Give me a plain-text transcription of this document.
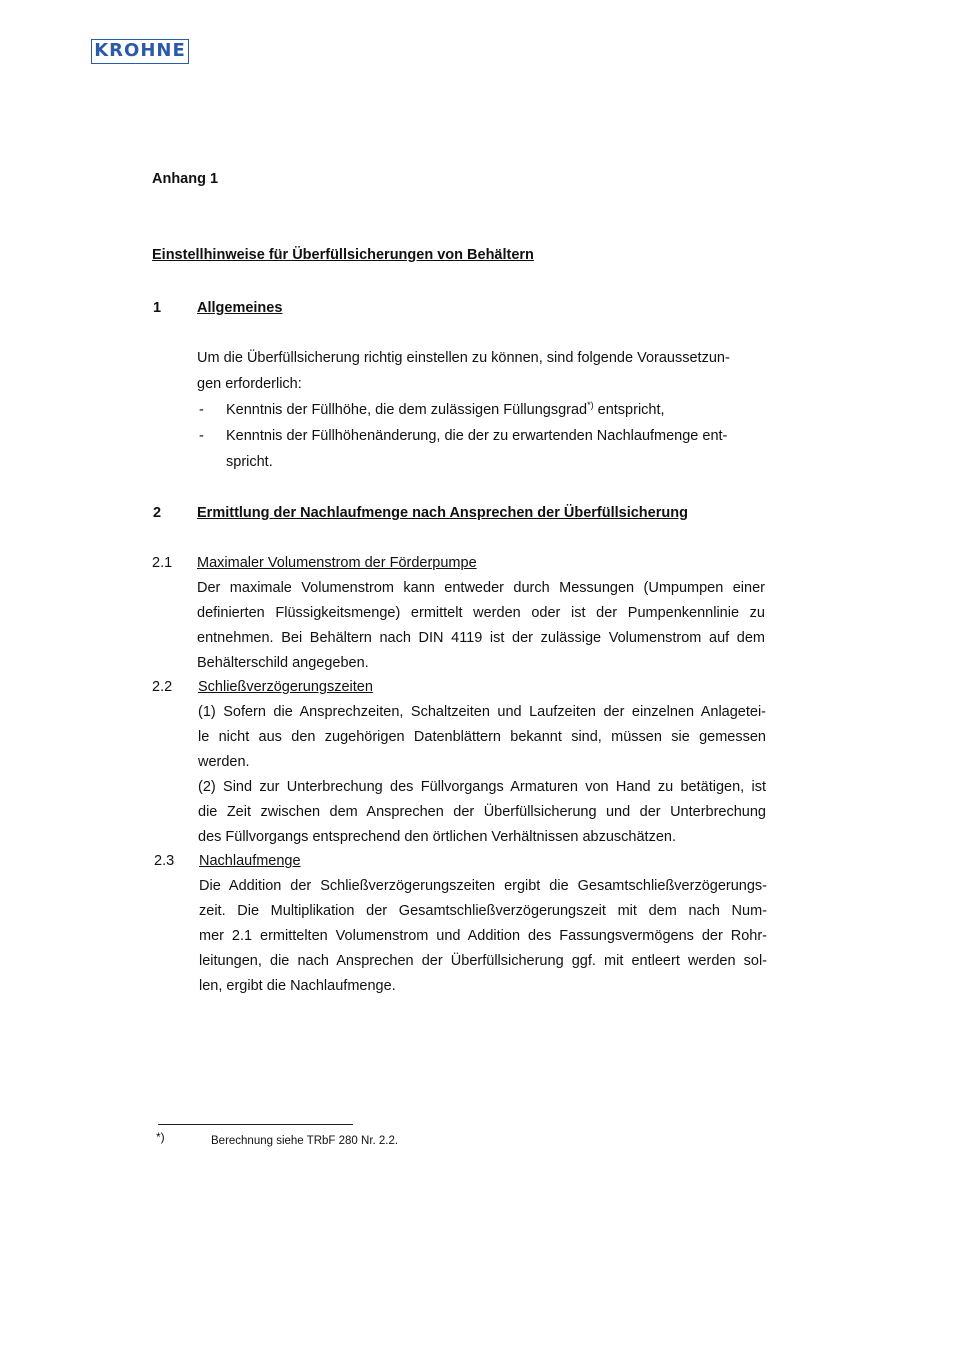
KROHNE
Anhang 1
Einstellhinweise für Überfüllsicherungen von Behältern
1 Allgemeines
Um die Überfüllsicherung richtig einstellen zu können, sind folgende Voraussetzun-
gen erforderlich:
- Kenntnis der Füllhöhe, die dem zulässigen Füllungsgrad*) entspricht,
- Kenntnis der Füllhöhenänderung, die der zu erwartenden Nachlaufmenge ent-
spricht.
2 Ermittlung der Nachlaufmenge nach Ansprechen der Überfüllsicherung
2.1 Maximaler Volumenstrom der Förderpumpe
Der maximale Volumenstrom kann entweder durch Messungen (Umpumpen einer
definierten Flüssigkeitsmenge) ermittelt werden oder ist der Pumpenkennlinie zu
entnehmen. Bei Behältern nach DIN 4119 ist der zulässige Volumenstrom auf dem
Behälterschild angegeben.
2.2 Schließverzögerungszeiten
(1) Sofern die Ansprechzeiten, Schaltzeiten und Laufzeiten der einzelnen Anlagetei-
le nicht aus den zugehörigen Datenblättern bekannt sind, müssen sie gemessen
werden.
(2) Sind zur Unterbrechung des Füllvorgangs Armaturen von Hand zu betätigen, ist
die Zeit zwischen dem Ansprechen der Überfüllsicherung und der Unterbrechung
des Füllvorgangs entsprechend den örtlichen Verhältnissen abzuschätzen.
2.3 Nachlaufmenge
Die Addition der Schließverzögerungszeiten ergibt die Gesamtschließverzögerungs-
zeit. Die Multiplikation der Gesamtschließverzögerungszeit mit dem nach Num-
mer 2.1 ermittelten Volumenstrom und Addition des Fassungsvermögens der Rohr-
leitungen, die nach Ansprechen der Überfüllsicherung ggf. mit entleert werden sol-
len, ergibt die Nachlaufmenge.
*)	Berechnung siehe TRbF 280 Nr. 2.2.
